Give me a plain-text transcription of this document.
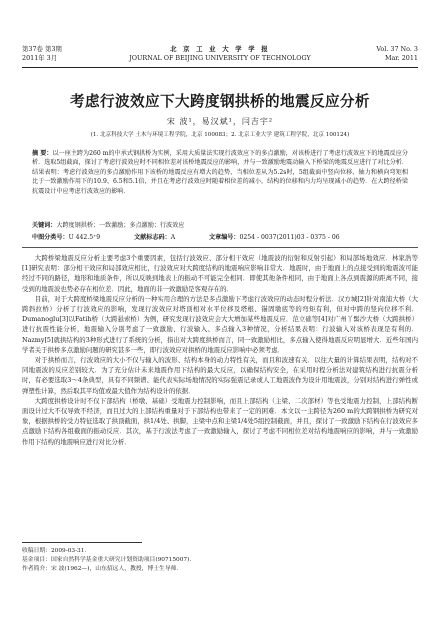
第37卷 第3期
2011年 3月
北 京 工 业 大 学 学 报
JOURNAL OF BEIJING UNIVERSITY OF TECHNOLOGY
Vol. 37 No. 3
Mar. 2011
考虑行波效应下大跨度钢拱桥的地震反应分析
宋 波¹，易汉斌¹，闫吉宇²
(1. 北京科技大学 土木与环境工程学院，北京 100083；2. 北京工业大学 建筑工程学院，北京 100124)
摘 要：以一座主跨为260 m的中承式钢拱桥为实例，采用大质量法实现行波效应下的多点激励，对该桥进行了考虑行波效应下的地震反应分析．选取5组截面，探讨了考虑行波效应时不同相位差对该桥地震反应的影响，并与一致激励地震动输入下桥梁的地震反应进行了对比分析．结果表明：考虑行波效应的多点激励作用下该桥的地震反应有增大的趋势，当相位差从为5.2s时，5组截面中竖向位移、轴力和横向弯矩相比于一致激励作用下的10.9、6.5和5.1倍，并且在考虑行波效应时随着相位差的减小，结构的位移和内力均呈现减小的趋势．在大跨径桥梁抗震设计中应考虑行波效应的影响．
关键词：大跨度钢拱桥；一致激励；多点激励；行波效应
中图分类号：U 442.5⁺9	文献标志码：A	文章编号：0254 - 0037(2011)03 - 0375 - 06

大跨桥梁地震反应分析主要考虑3个重要因素，包括行波效应、部分相干效应（地震波的衍射和反射引起）和局部场地效应．林家浩等[1]研究表明：部分相干效应和局部效应相比，行波效应对大跨度结构的地震响应影响非常大．地震时，由于地面上的点接受到的地震波可能经过不同的路径，地形和地质条件，所以反映到地表上的振动不可能完全相同．即使其他条件相同，由于地面上各点到震源的距离不同，接受到的地震波也势必存在相位差．因此，地面的非一致激励是客观存在的．

目前，对于大跨度桥梁地震反应分析的一种实用合理的方法是多点激励下考虑行波效应的动态时程分析法．汉方城[2]针对南浦大桥（大跨斜拉桥）分析了行波效应的影响，发现行波效应对塔顶相对水平位移及塔根、锚固墩底等的弯矩有利，但对中跨的竖向位移不利．Dumanoglu[3]以Fatih桥（大跨悬索桥）为例，研究发现行波效应会大大增加某些地震反应．范立础等[4]对广州丫髻沙大桥（大跨拱桥）进行抗震性能分析，地震输入分别考虑了一致激励、行波输入、多点输入3种情况，分析结果表明：行波输入对该桥表现是有利的．Nazmy[5]就拱结构的3种形式进行了系统的分析，指出对大跨度拱桥而言，同一致激励相比，多点输入使得地震反应明显增大．近些年国内学者关于拱桥多点激励问题的研究甚多一些，即行波效应对拱桥的地震反应影响中必须考虑．

对于拱桥而言，行波效应的大小不仅与输入的波形、结构本身的动力特性有关，而且和波速有关．以往大量的计算结果表明，结构对不同地震波的反应差别较大．为了充分估计未来地震作用下结构的最大反应，以确保结构安全，在采用时程分析法对建筑结构进行抗震分析时，有必要选取3～4条典型，具有不同频谱、能代表实际场地情况的实际强震记录或人工地震波作为设计用地震波，分别对结构进行弹性或弹塑性计算，然后取其平均值或最大值作为结构设计的依据．

大跨度拱桥设计时不仅下部结构（桥墩、基础）受地震力控制影响，而且上部结构（主梁、二次部材）等也受地震力控制，上部结构断面设计过大不仅导致不经济，而且过大的上部结构重量对于下部结构也带来了一定的困难．本文以一主跨径为260 m的大跨钢拱桥为研究对象，根据拱桥的受力特征选取了拱顶截面，拱1/4处、拱脚，主梁中点和主梁1/4处5组控制截面，并且，探讨了一致激励下结构在行波效应多点激励下结构各组截面的振动反应．其次，基于行波法考虑了一致激励输入，探讨了考虑不同相位差对结构地震响应的影响，并与一致激励作用下结构的地震响应进行对比分析．

收稿日期：2009-03-31．
基金项目：国家自然科学基金重大研究计划资助项目(90715007)．
作者简介：宋 波(1962—)，山东招远人，教授，博士生导师．
